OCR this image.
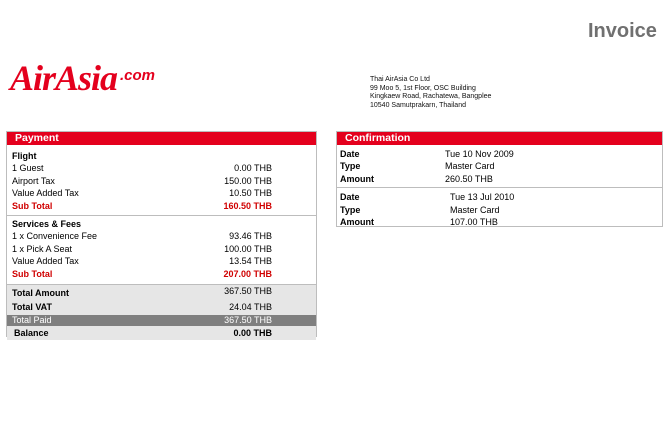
Invoice
AirAsia .com	Thai AirAsia Co Ltd
99 Moo 5, 1st Floor, OSC Building
Kingkaew Road, Rachatewa, Bangplee
10540 Samutprakarn, Thailand
Payment
Flight
1 Guest	0.00 THB
Airport Tax	150.00 THB
Value Added Tax	10.50 THB
Sub Total	160.50 THB
Services & Fees
1 x Convenience Fee	93.46 THB
1 x Pick A Seat	100.00 THB
Value Added Tax	13.54 THB
Sub Total	207.00 THB
Total Amount	367.50 THB
Total VAT	24.04 THB
Total Paid	367.50 THB
Balance	0.00 THB
Confirmation
Date	Tue 10 Nov 2009
Type	Master Card
Amount	260.50 THB
Date	Tue 13 Jul 2010
Type	Master Card
Amount	107.00 THB
